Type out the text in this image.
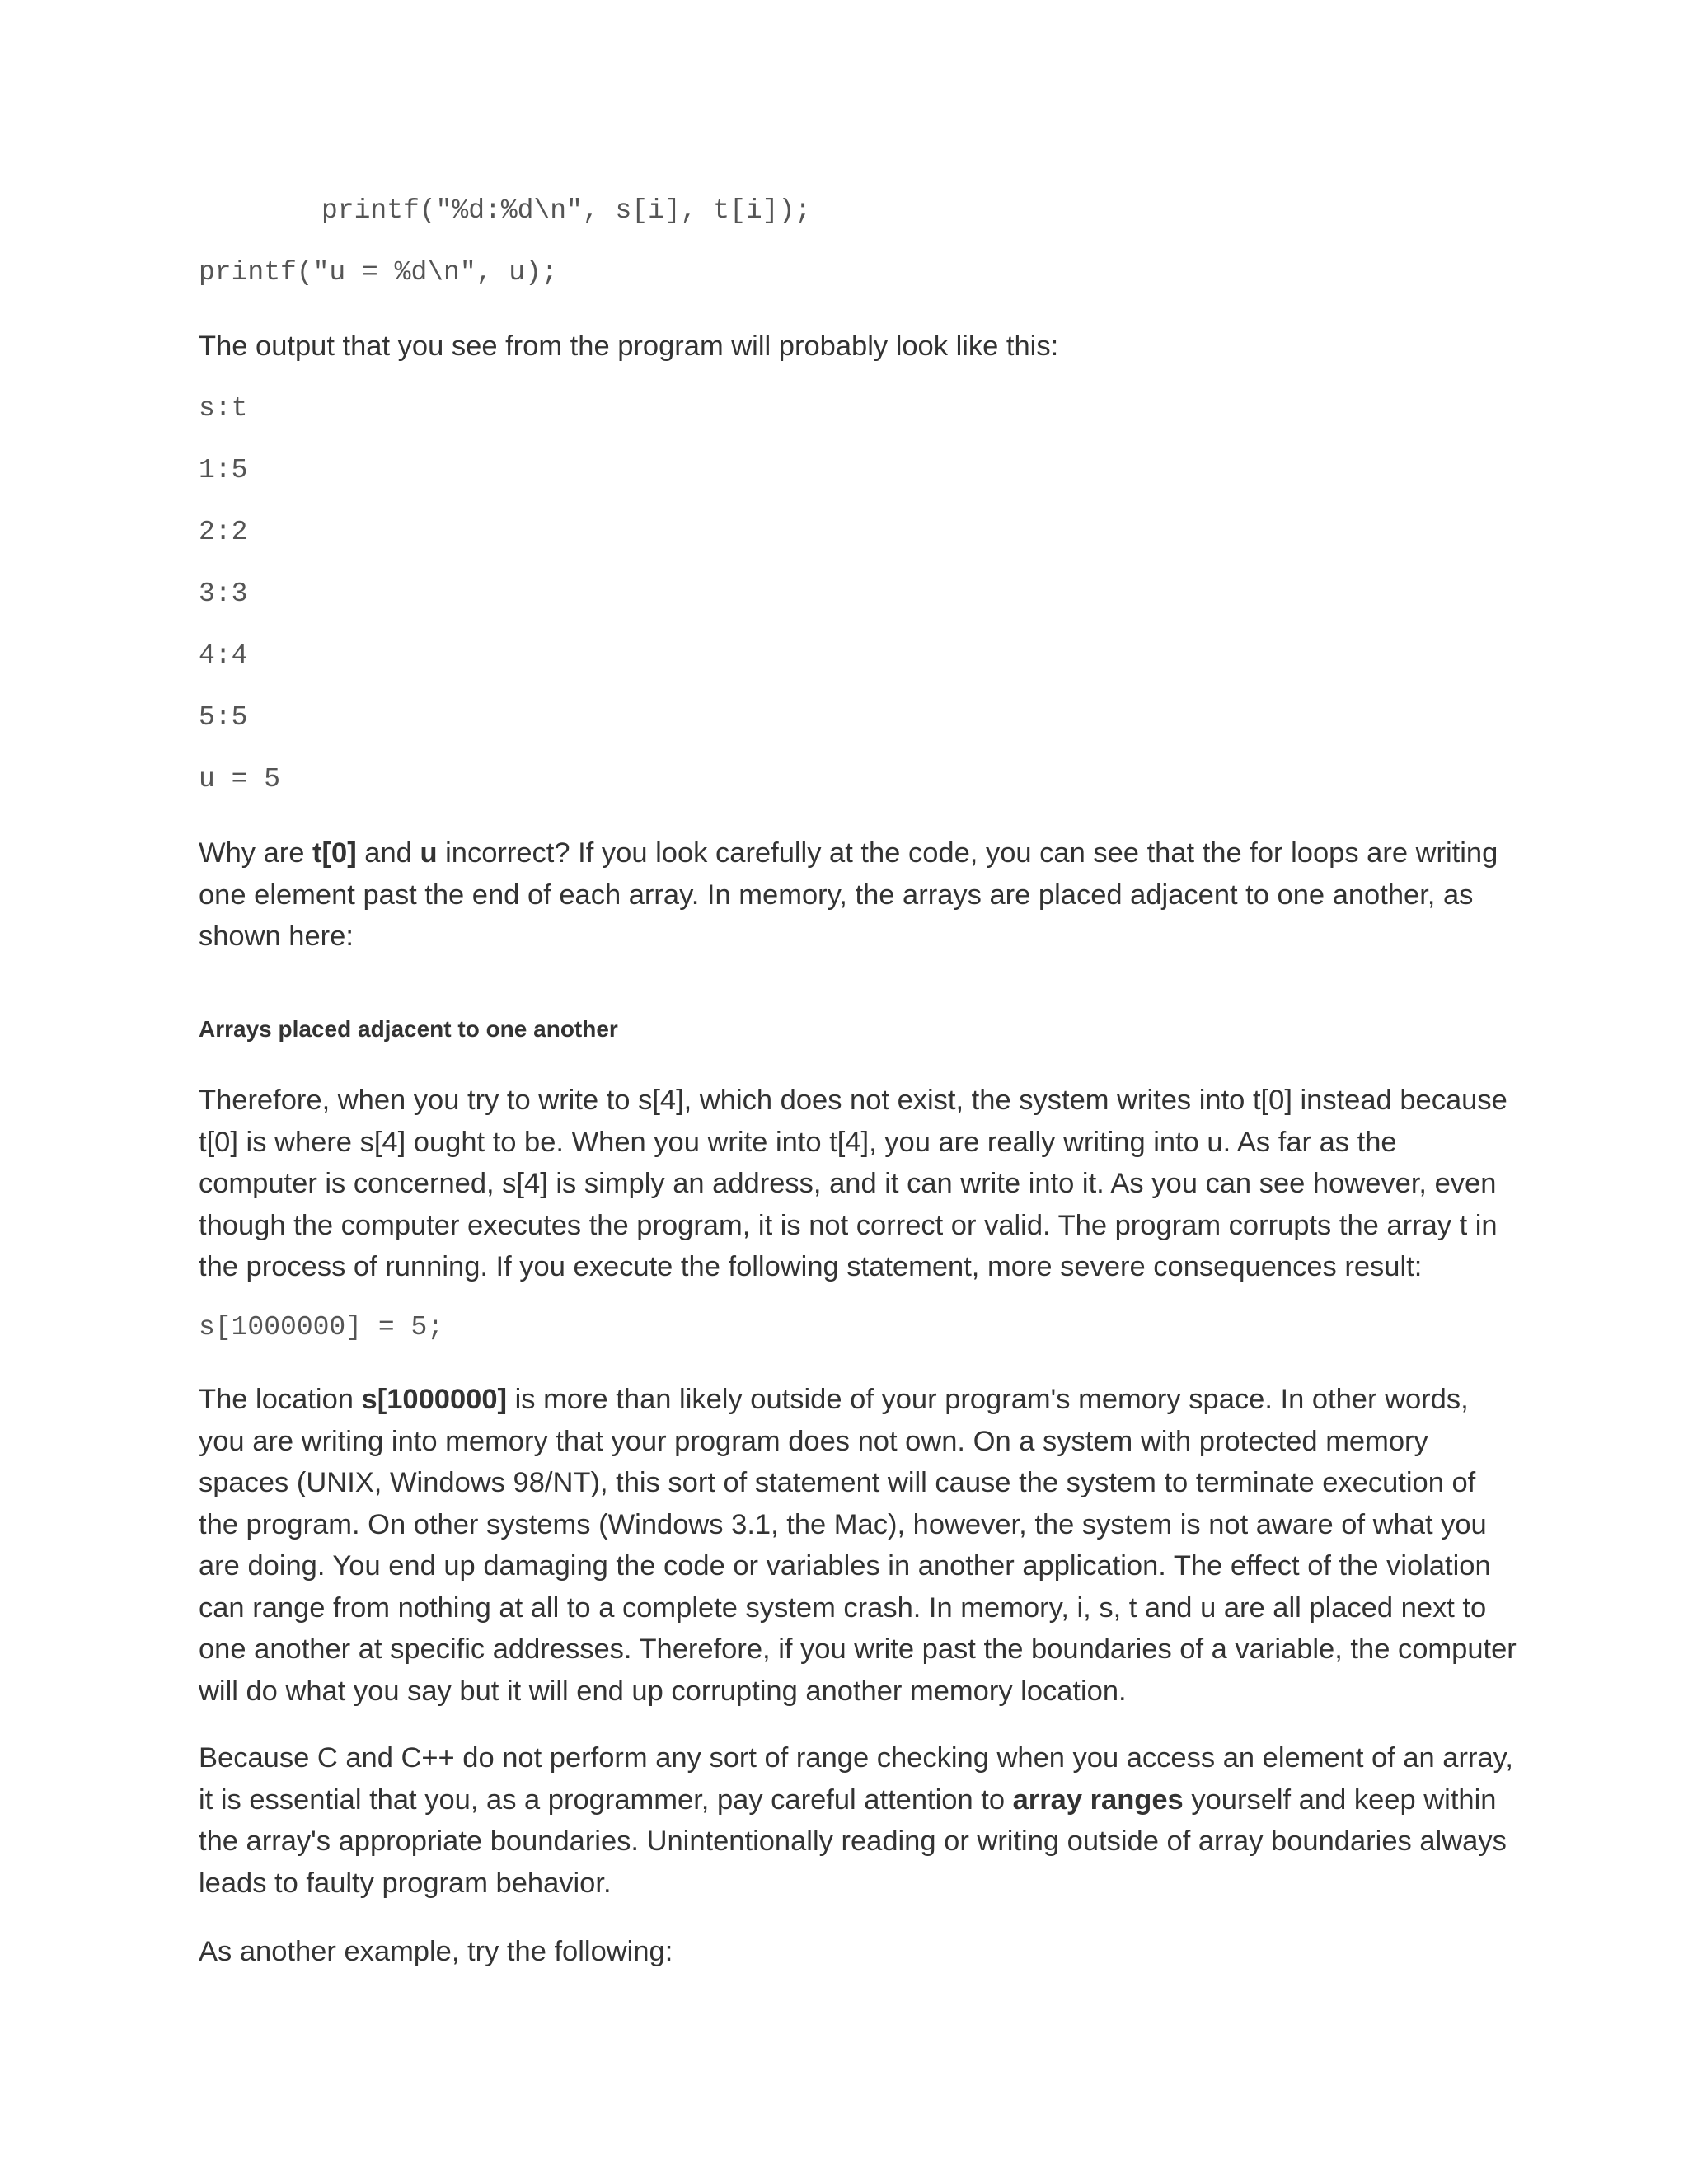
printf("%d:%d\n", s[i], t[i]);
printf("u = %d\n", u);

The output that you see from the program will probably look like this:

s:t
1:5
2:2
3:3
4:4
5:5
u = 5

Why are t[0] and u incorrect? If you look carefully at the code, you can see that the for loops are writing one element past the end of each array. In memory, the arrays are placed adjacent to one another, as shown here:

Arrays placed adjacent to one another

Therefore, when you try to write to s[4], which does not exist, the system writes into t[0] instead because t[0] is where s[4] ought to be. When you write into t[4], you are really writing into u. As far as the computer is concerned, s[4] is simply an address, and it can write into it. As you can see however, even though the computer executes the program, it is not correct or valid. The program corrupts the array t in the process of running. If you execute the following statement, more severe consequences result:

s[1000000] = 5;

The location s[1000000] is more than likely outside of your program's memory space. In other words, you are writing into memory that your program does not own. On a system with protected memory spaces (UNIX, Windows 98/NT), this sort of statement will cause the system to terminate execution of the program. On other systems (Windows 3.1, the Mac), however, the system is not aware of what you are doing. You end up damaging the code or variables in another application. The effect of the violation can range from nothing at all to a complete system crash. In memory, i, s, t and u are all placed next to one another at specific addresses. Therefore, if you write past the boundaries of a variable, the computer will do what you say but it will end up corrupting another memory location.

Because C and C++ do not perform any sort of range checking when you access an element of an array, it is essential that you, as a programmer, pay careful attention to array ranges yourself and keep within the array's appropriate boundaries. Unintentionally reading or writing outside of array boundaries always leads to faulty program behavior.

As another example, try the following:
